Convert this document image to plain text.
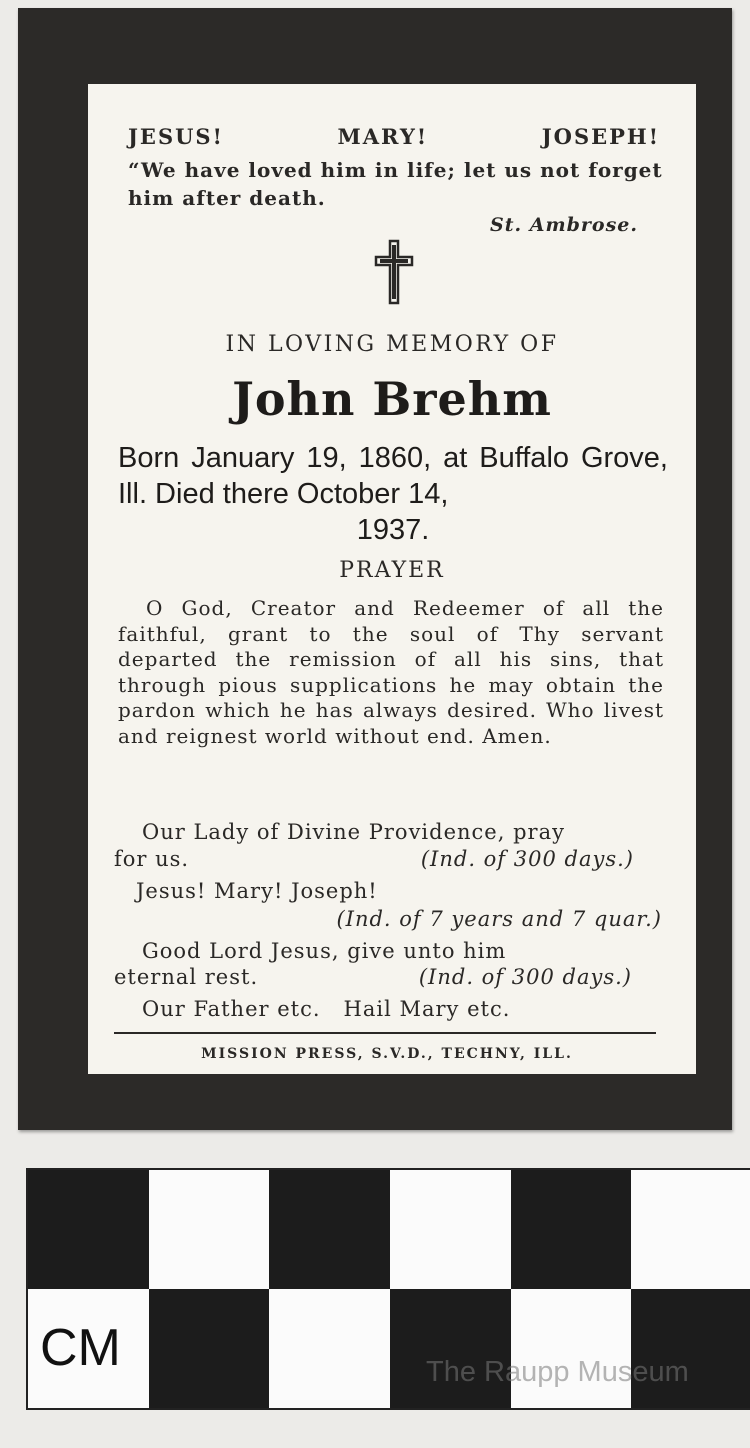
JESUS!	MARY!	JOSEPH!
“We have loved him in life; let us not forget him after death.
St. Ambrose.
IN LOVING MEMORY OF
John Brehm
Born January 19, 1860, at Buffalo Grove, Ill. Died there October 14,
1937.
PRAYER
O God, Creator and Redeemer of all the faithful, grant to the soul of Thy servant departed the remission of all his sins, that through pious supplications he may obtain the pardon which he has always desired. Who livest and reignest world without end. Amen.
Our Lady of Divine Providence, pray
for us.	(Ind. of 300 days.)
Jesus! Mary! Joseph!
(Ind. of 7 years and 7 quar.)
Good Lord Jesus, give unto him
eternal rest.	(Ind. of 300 days.)
Our Father etc.   Hail Mary etc.
MISSION PRESS, S.V.D., TECHNY, ILL.
CM	The Raupp Museum
